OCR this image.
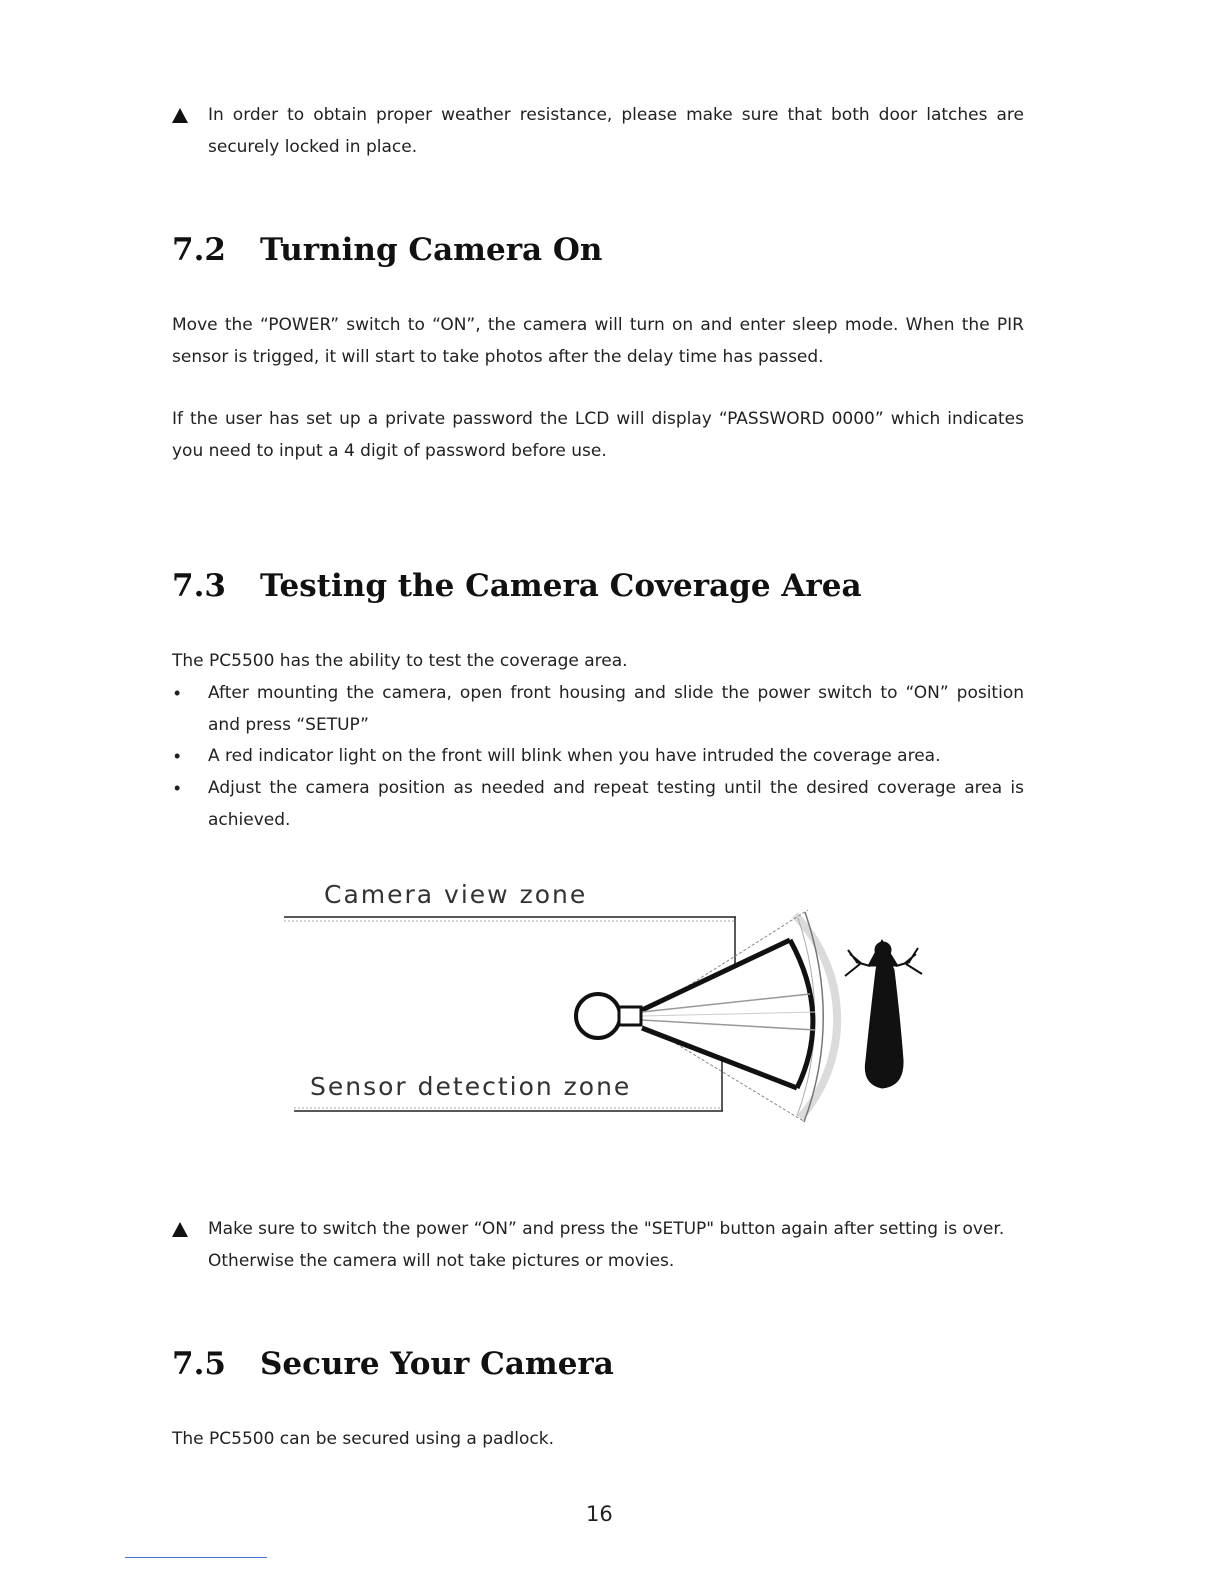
In order to obtain proper weather resistance, please make sure that both door latches are securely locked in place.
7.2 Turning Camera On
Move the “POWER” switch to “ON”, the camera will turn on and enter sleep mode. When the PIR sensor is trigged, it will start to take photos after the delay time has passed.
If the user has set up a private password the LCD will display “PASSWORD 0000” which indicates you need to input a 4 digit of password before use.
7.3 Testing the Camera Coverage Area
The PC5500 has the ability to test the coverage area.
•	After mounting the camera, open front housing and slide the power switch to “ON” position and press “SETUP”
•	A red indicator light on the front will blink when you have intruded the coverage area.
•	Adjust the camera position as needed and repeat testing until the desired coverage area is achieved.
Camera view zone
Sensor detection zone
Make sure to switch the power “ON” and press the "SETUP" button again after setting is over. Otherwise the camera will not take pictures or movies.
7.5 Secure Your Camera
The PC5500 can be secured using a padlock.
16
